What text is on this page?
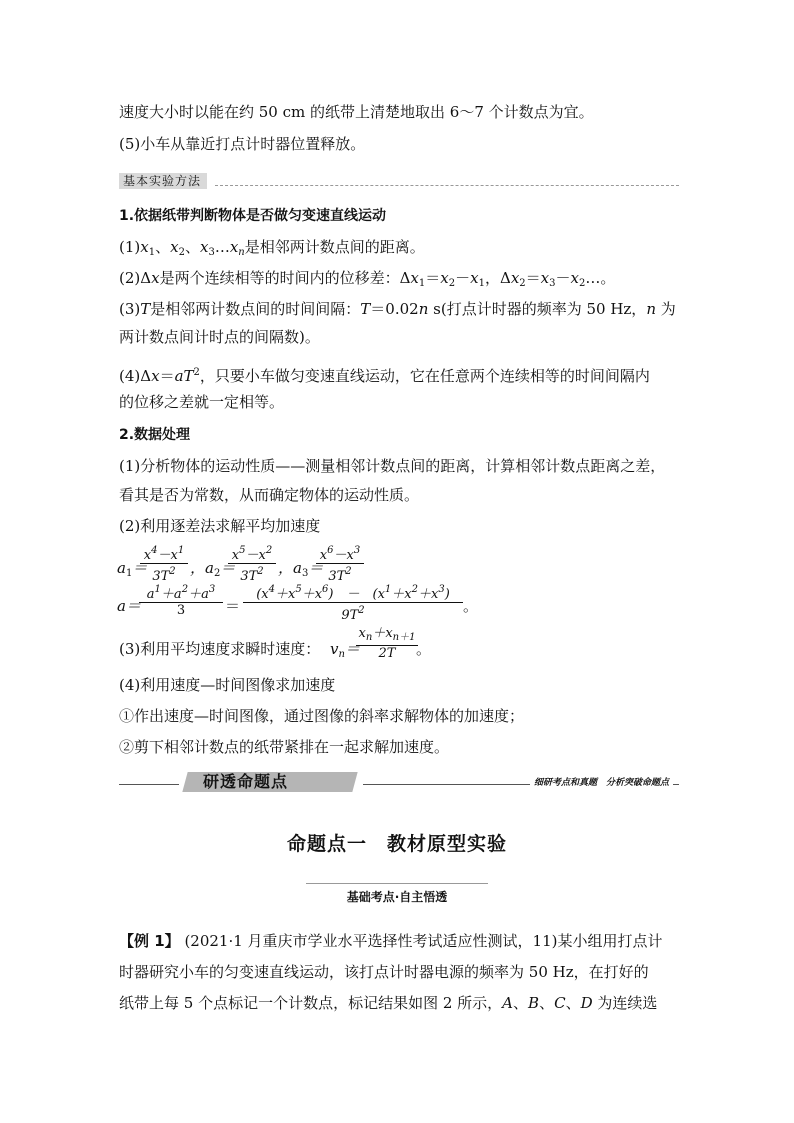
速度大小时以能在约 50 cm 的纸带上清楚地取出 6～7 个计数点为宜。
(5)小车从靠近打点计时器位置释放。
基本实验方法
1.依据纸带判断物体是否做匀变速直线运动
$(1)x_1$、$x_2$、$x_3\dots x_n$是相邻两计数点间的距离。
(2)Δx是两个连续相等的时间内的位移差：$\Delta x_1=x_2-x_1$，$\Delta x_2=x_3-x_2\dots$。
(3)T是相邻两计数点间的时间间隔：T＝0.02n s(打点计时器的频率为 50 Hz，n 为
两计数点间计时点的间隔数)。
$(4)\Delta x=aT^2$，只要小车做匀变速直线运动，它在任意两个连续相等的时间间隔内
的位移之差就一定相等。
2.数据处理
(1)分析物体的运动性质——测量相邻计数点间的距离，计算相邻计数点距离之差，
看其是否为常数，从而确定物体的运动性质。
(2)利用逐差法求解平均加速度
$a_1=$
$x^4-x^1$
$3T^2$ ，$a_2=$
$x^5-x^2$
$3T^2$ ，$a_3=$
$x^6-x^3$
$3T^2$
a＝
$a^1+a^2+a^3$
3	＝
$(x^4+x^5+x^6)$　－　$(x^1+x^2+x^3)$
$9T^2$	。
(3)利用平均速度求瞬时速度： $v_n=$
$x_n+x_{n+1}$
2T	。
(4)利用速度—时间图像求加速度
①作出速度—时间图像，通过图像的斜率求解物体的加速度；
②剪下相邻计数点的纸带紧排在一起求解加速度。
研透命题点	细研考点和真题　分析突破命题点
命题点一　教材原型实验
基础考点·自主悟透
【例 1】 (2021·1 月重庆市学业水平选择性考试适应性测试，11)某小组用打点计
时器研究小车的匀变速直线运动，该打点计时器电源的频率为 50 Hz，在打好的
纸带上每 5 个点标记一个计数点，标记结果如图 2 所示，A、B、C、D 为连续选
